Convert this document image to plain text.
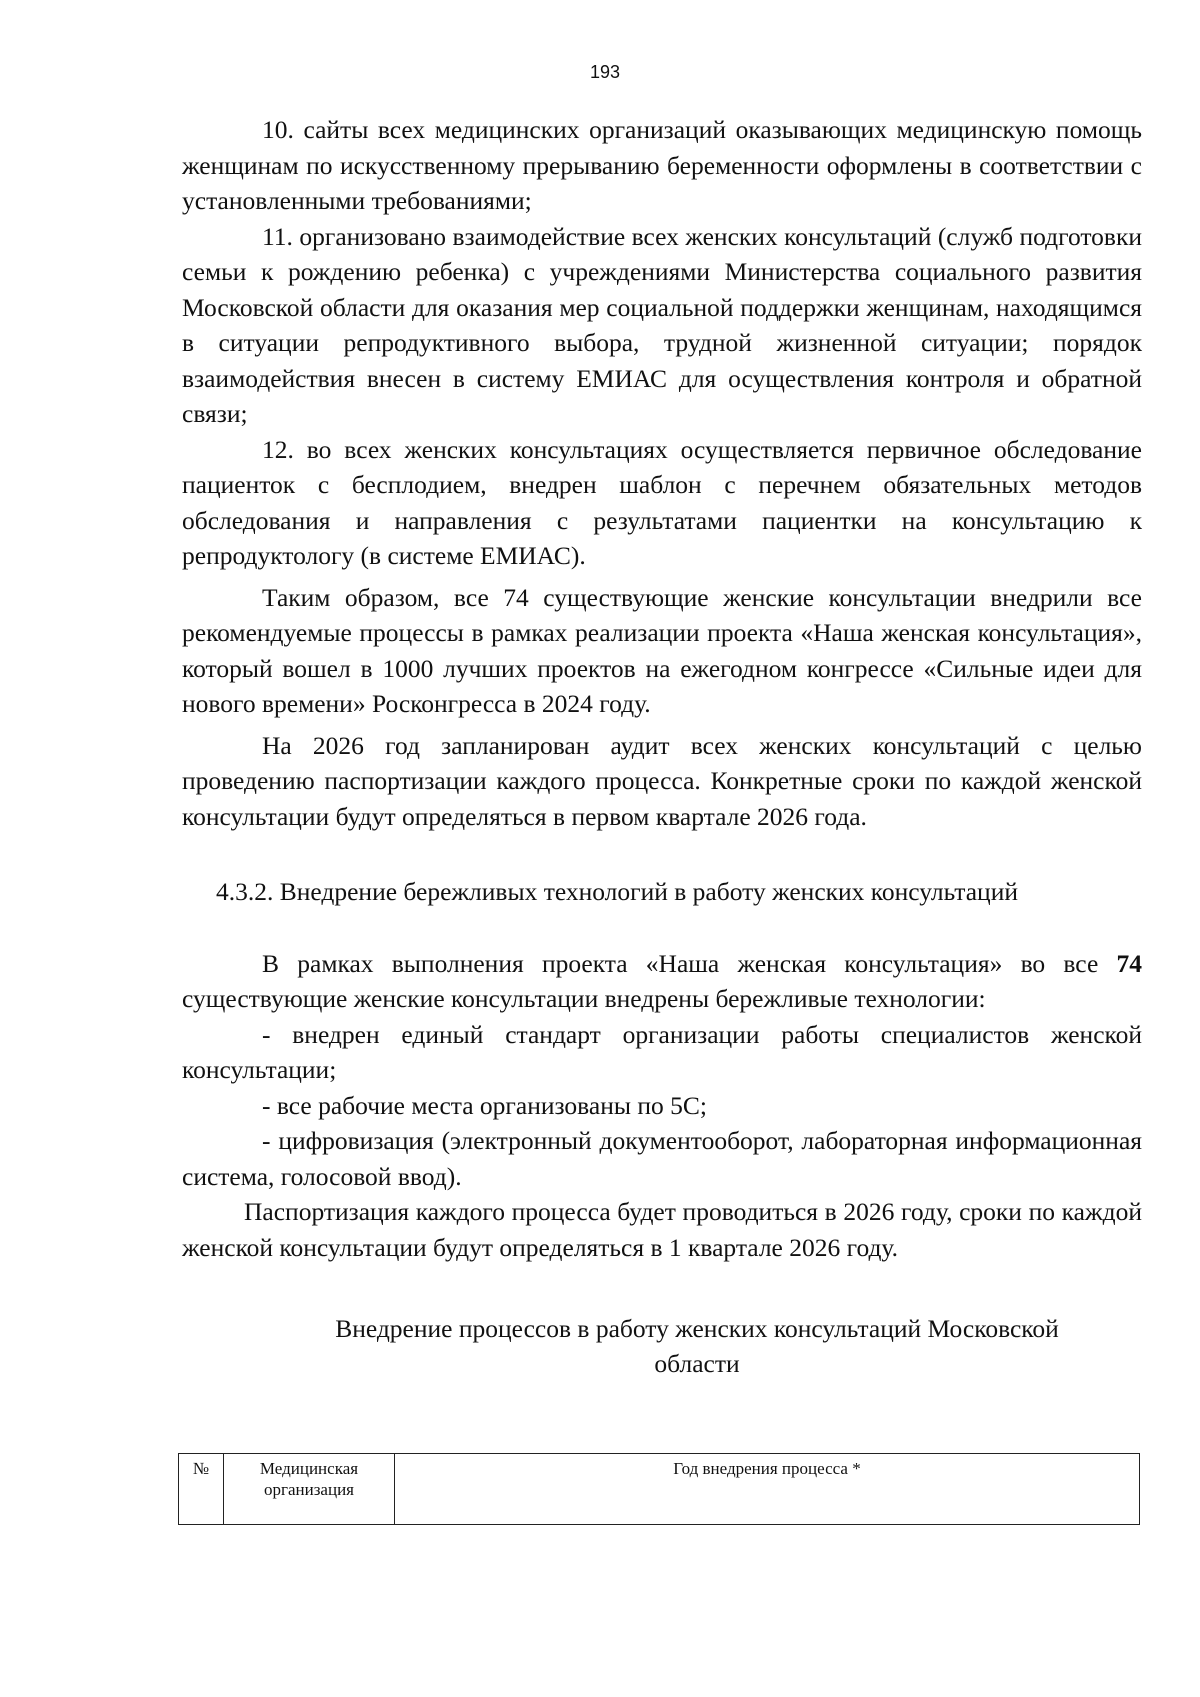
193

10. сайты всех медицинских организаций оказывающих медицинскую помощь женщинам по искусственному прерыванию беременности оформлены в соответствии с установленными требованиями;

11. организовано взаимодействие всех женских консультаций (служб подготовки семьи к рождению ребенка) с учреждениями Министерства социального развития Московской области для оказания мер социальной поддержки женщинам, находящимся в ситуации репродуктивного выбора, трудной жизненной ситуации; порядок взаимодействия внесен в систему ЕМИАС для осуществления контроля и обратной связи;

12. во всех женских консультациях осуществляется первичное обследование пациенток с бесплодием, внедрен шаблон с перечнем обязательных методов обследования и направления с результатами пациентки на консультацию к репродуктологу (в системе ЕМИАС).

Таким образом, все 74 существующие женские консультации внедрили все рекомендуемые процессы в рамках реализации проекта «Наша женская консультация», который вошел в 1000 лучших проектов на ежегодном конгрессе «Сильные идеи для нового времени» Росконгресса в 2024 году.

На 2026 год запланирован аудит всех женских консультаций с целью проведению паспортизации каждого процесса. Конкретные сроки по каждой женской консультации будут определяться в первом квартале 2026 года.

4.3.2. Внедрение бережливых технологий в работу женских консультаций

В рамках выполнения проекта «Наша женская консультация» во все 74 существующие женские консультации внедрены бережливые технологии:

- внедрен единый стандарт организации работы специалистов женской консультации;

- все рабочие места организованы по 5С;

- цифровизация (электронный документооборот, лабораторная информационная система, голосовой ввод).

Паспортизация каждого процесса будет проводиться в 2026 году, сроки по каждой женской консультации будут определяться в 1 квартале 2026 году.

Внедрение процессов в работу женских консультаций Московской области

№	Медицинская организация	Год внедрения процесса *
